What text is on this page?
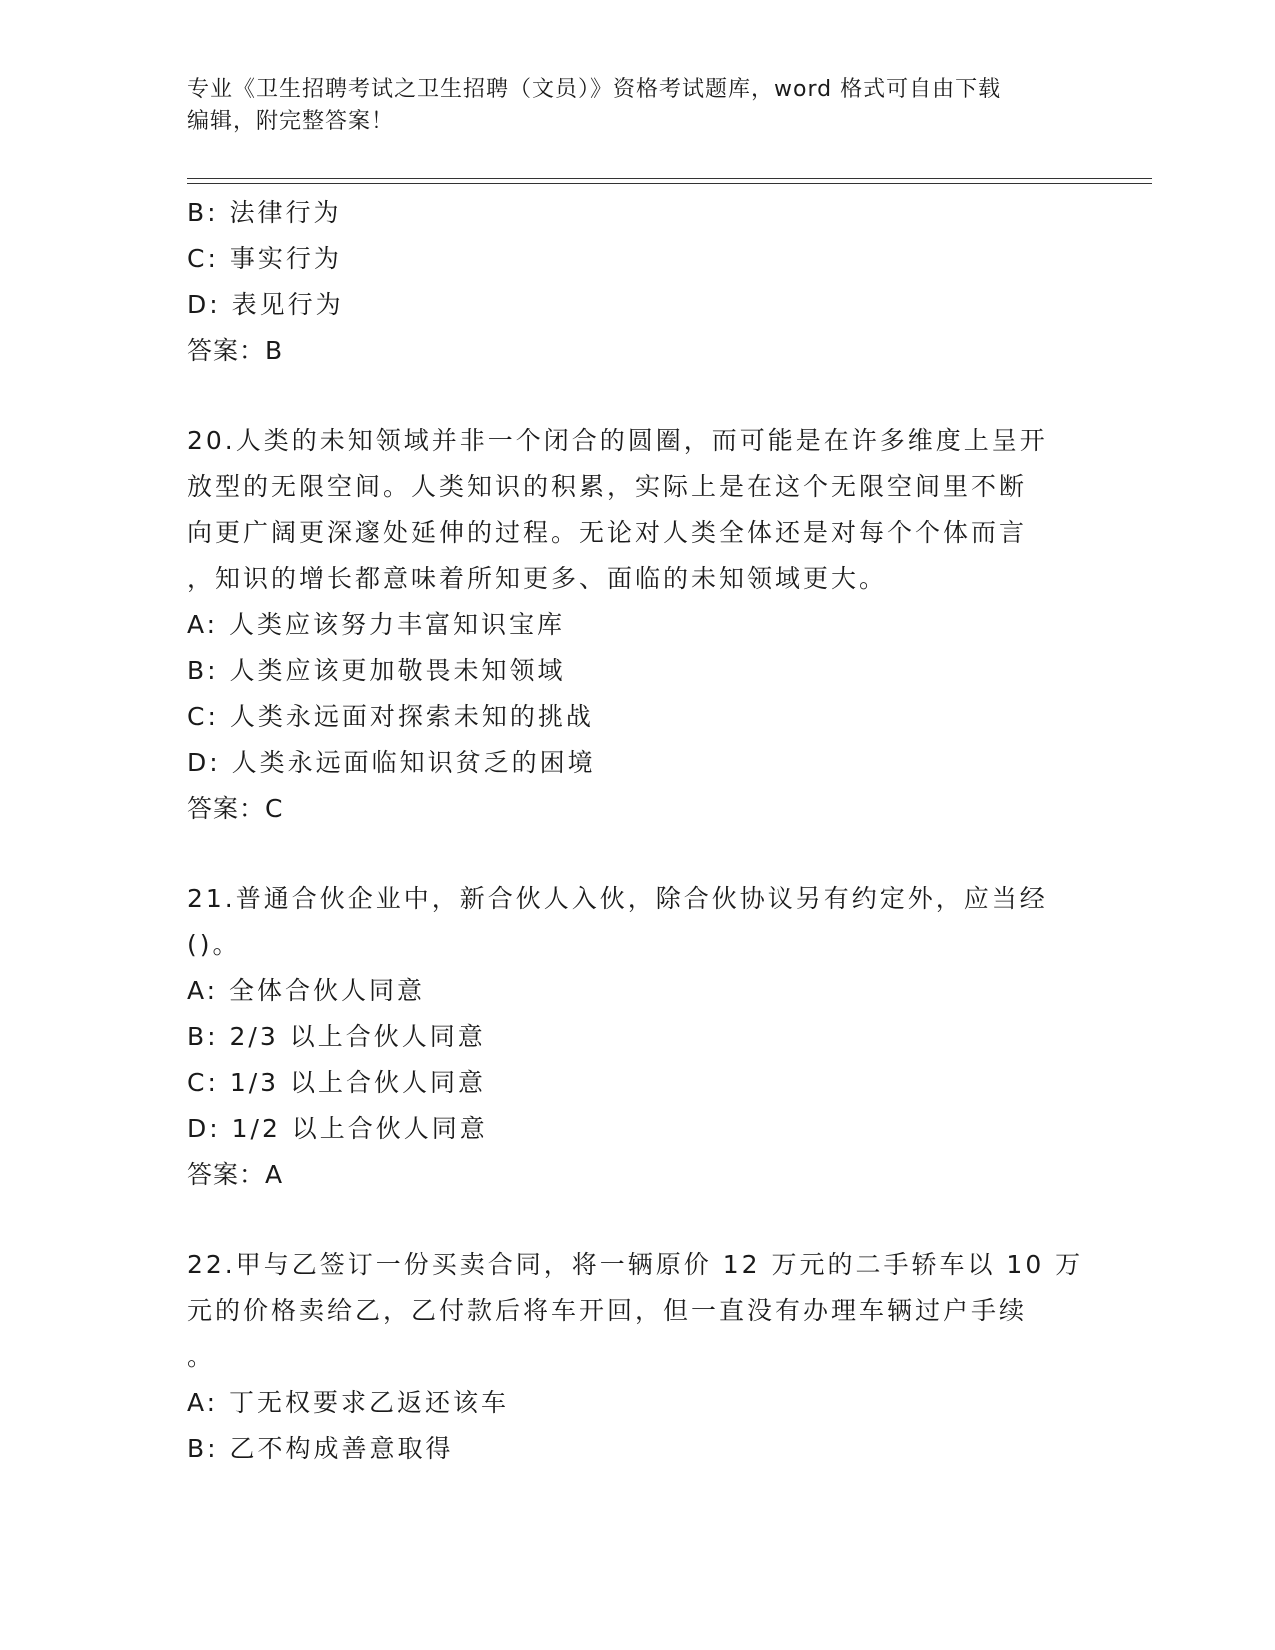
专业《卫生招聘考试之卫生招聘（文员）》资格考试题库，word 格式可自由下载
编辑，附完整答案！
B: 法律行为
C: 事实行为
D: 表见行为
答案：B
20.人类的未知领域并非一个闭合的圆圈，而可能是在许多维度上呈开
放型的无限空间。人类知识的积累，实际上是在这个无限空间里不断
向更广阔更深邃处延伸的过程。无论对人类全体还是对每个个体而言
，知识的增长都意味着所知更多、面临的未知领域更大。
A: 人类应该努力丰富知识宝库
B: 人类应该更加敬畏未知领域
C: 人类永远面对探索未知的挑战
D: 人类永远面临知识贫乏的困境
答案：C
21.普通合伙企业中，新合伙人入伙，除合伙协议另有约定外，应当经
()。
A: 全体合伙人同意
B: 2/3 以上合伙人同意
C: 1/3 以上合伙人同意
D: 1/2 以上合伙人同意
答案：A
22.甲与乙签订一份买卖合同，将一辆原价 12 万元的二手轿车以 10 万
元的价格卖给乙，乙付款后将车开回，但一直没有办理车辆过户手续
。
A: 丁无权要求乙返还该车
B: 乙不构成善意取得
